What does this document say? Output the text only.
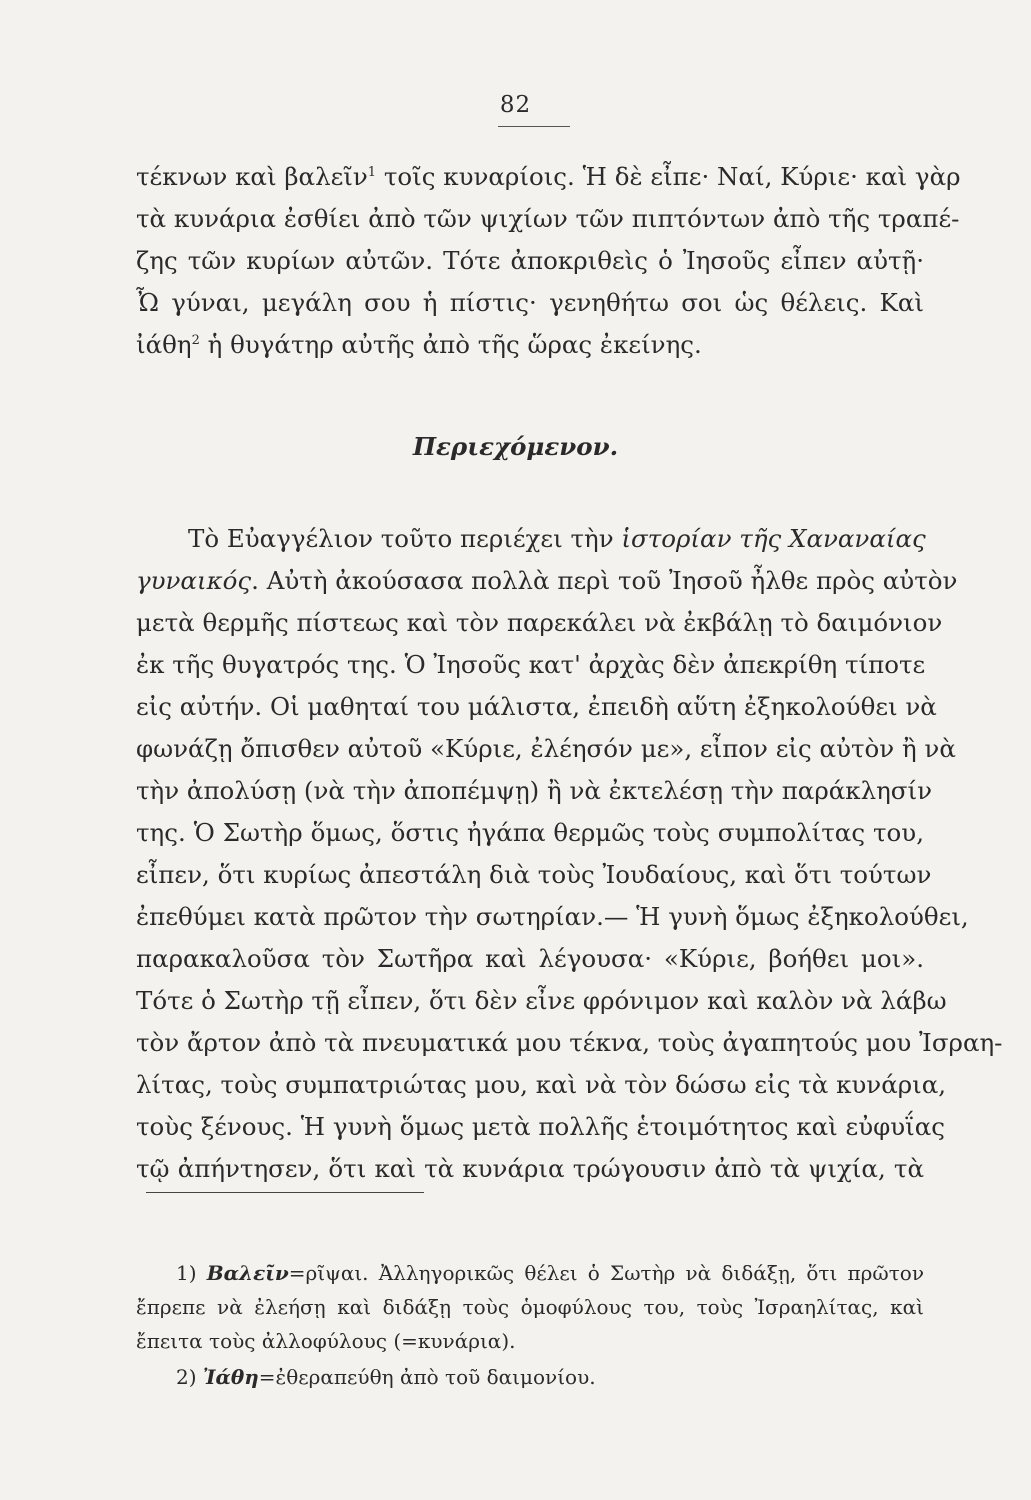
82
τέκνων καὶ βαλεῖν$^1$ τοῖς κυναρίοις. Ἡ δὲ εἶπε· Ναί, Κύριε· καὶ γὰρ
τὰ κυνάρια ἐσθίει ἀπὸ τῶν ψιχίων τῶν πιπτόντων ἀπὸ τῆς τραπέ-
ζης τῶν κυρίων αὐτῶν. Τότε ἀποκριθεὶς ὁ Ἰησοῦς εἶπεν αὐτῇ·
Ὦ γύναι, μεγάλη σου ἡ πίστις· γενηθήτω σοι ὡς θέλεις. Καὶ
ἰάθη$^2$ ἡ θυγάτηρ αὐτῆς ἀπὸ τῆς ὥρας ἐκείνης.
Περιεχόμενον.
Τὸ Εὐαγγέλιον τοῦτο περιέχει τὴν ἱστορίαν τῆς Χαναναίας
γυναικός. Αὐτὴ ἀκούσασα πολλὰ περὶ τοῦ Ἰησοῦ ἦλθε πρὸς αὐτὸν
μετὰ θερμῆς πίστεως καὶ τὸν παρεκάλει νὰ ἐκβάλῃ τὸ δαιμόνιον
ἐκ τῆς θυγατρός της. Ὁ Ἰησοῦς κατ' ἀρχὰς δὲν ἀπεκρίθη τίποτε
εἰς αὐτήν. Οἱ μαθηταί του μάλιστα, ἐπειδὴ αὕτη ἐξηκολούθει νὰ
φωνάζῃ ὄπισθεν αὐτοῦ «Κύριε, ἐλέησόν με», εἶπον εἰς αὐτὸν ἢ νὰ
τὴν ἀπολύσῃ (νὰ τὴν ἀποπέμψῃ) ἢ νὰ ἐκτελέσῃ τὴν παράκλησίν
της. Ὁ Σωτὴρ ὅμως, ὅστις ἠγάπα θερμῶς τοὺς συμπολίτας του,
εἶπεν, ὅτι κυρίως ἀπεστάλη διὰ τοὺς Ἰουδαίους, καὶ ὅτι τούτων
ἐπεθύμει κατὰ πρῶτον τὴν σωτηρίαν.— Ἡ γυνὴ ὅμως ἐξηκολούθει,
παρακαλοῦσα τὸν Σωτῆρα καὶ λέγουσα· «Κύριε, βοήθει μοι».
Τότε ὁ Σωτὴρ τῇ εἶπεν, ὅτι δὲν εἶνε φρόνιμον καὶ καλὸν νὰ λάβω
τὸν ἄρτον ἀπὸ τὰ πνευματικά μου τέκνα, τοὺς ἀγαπητούς μου Ἰσραη-
λίτας, τοὺς συμπατριώτας μου, καὶ νὰ τὸν δώσω εἰς τὰ κυνάρια,
τοὺς ξένους. Ἡ γυνὴ ὅμως μετὰ πολλῆς ἑτοιμότητος καὶ εὐφυΐας
τῷ ἀπήντησεν, ὅτι καὶ τὰ κυνάρια τρώγουσιν ἀπὸ τὰ ψιχία, τὰ
1) Βαλεῖν=ρῖψαι. Ἀλληγορικῶς θέλει ὁ Σωτὴρ νὰ διδάξῃ, ὅτι πρῶτον
ἔπρεπε νὰ ἐλεήσῃ καὶ διδάξῃ τοὺς ὁμοφύλους του, τοὺς Ἰσραηλίτας, καὶ
ἔπειτα τοὺς ἀλλοφύλους (=κυνάρια).
2) Ἰάθη=ἐθεραπεύθη ἀπὸ τοῦ δαιμονίου.
